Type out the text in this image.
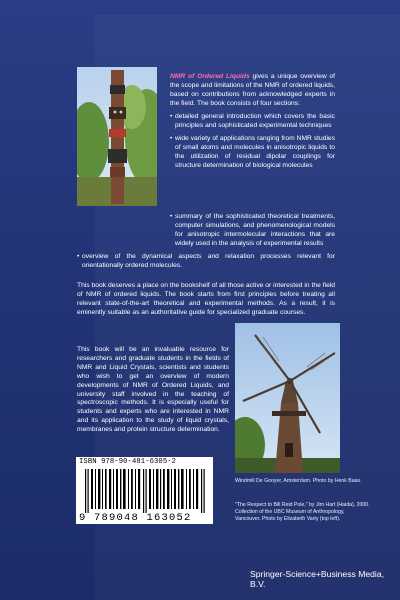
NMR of Ordered Liquids gives a unique overview of the scope and limitations of the NMR of ordered liquids, based on contributions from acknowledged experts in the field. The book consists of four sections:
• detailed general introduction which covers the basic principles and sophisticated experimental techniques
• wide variety of applications ranging from NMR studies of small atoms and molecules in anisotropic liquids to the utilization of residual dipolar couplings for structure determination of biological molecules
• summary of the sophisticated theoretical treatments, computer simulations, and phenomenological models for anisotropic intermolecular interactions that are widely used in the analysis of experimental results
• overview of the dynamical aspects and relaxation processes relevant for orientationally ordered molecules.
This book deserves a place on the bookshelf of all those active or interested in the field of NMR of ordered liquids. The book starts from first principles before treating all relevant state-of-the-art theoretical and experimental methods. As a result, it is eminently suitable as an authoritative guide for specialized graduate courses.
This book will be an invaluable resource for researchers and graduate students in the fields of NMR and Liquid Crystals, scientists and students who wish to get an overview of modern developments of NMR of Ordered Liquids, and university staff involved in the teaching of spectroscopic methods. It is especially useful for students and experts who are interested in NMR and its application to the study of liquid crystals, membranes and protein structure determination.
ISBN 978-90-481-6305-2
9 789048 163052
Windmill De Gooyer, Amsterdam. Photo by Henk Baas.
"The Respect to Bill Reid Pole," by Jim Hart (Haida), 2000. Collection of the UBC Museum of Anthropology, Vancouver. Photo by Elizabeth Varty (top left).
Springer-Science+Business Media, B.V.
